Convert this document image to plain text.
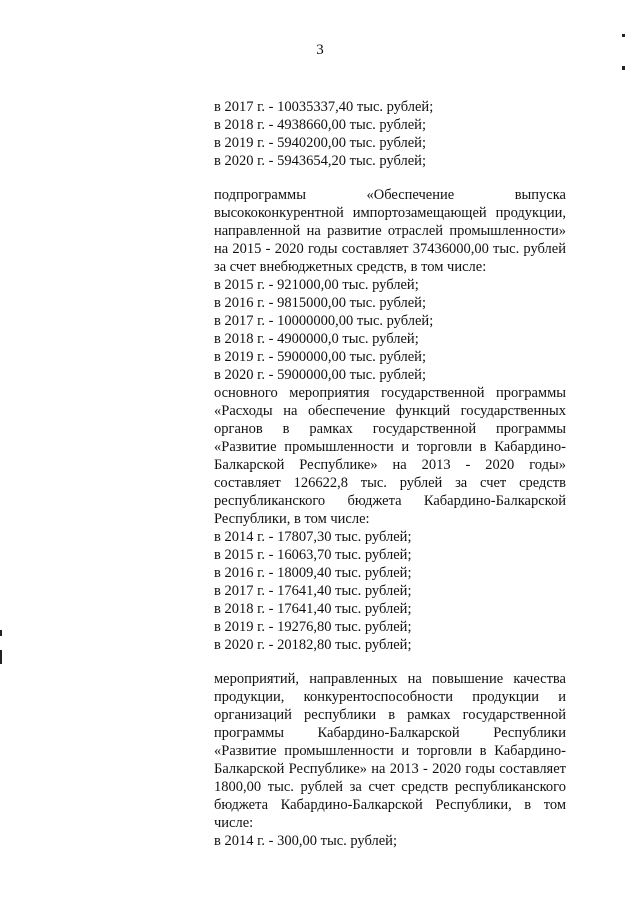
3
в 2017 г. - 10035337,40 тыс. рублей;
в 2018 г. - 4938660,00 тыс. рублей;
в 2019 г. - 5940200,00 тыс. рублей;
в 2020 г. - 5943654,20 тыс. рублей;
подпрограммы «Обеспечение выпуска высококонкурентной импортозамещающей продукции, направленной на развитие отраслей промышленности» на 2015 - 2020 годы составляет 37436000,00 тыс. рублей за счет внебюджетных средств, в том числе:
в 2015 г. - 921000,00 тыс. рублей;
в 2016 г. - 9815000,00 тыс. рублей;
в 2017 г. - 10000000,00 тыс. рублей;
в 2018 г. - 4900000,0 тыс. рублей;
в 2019 г. - 5900000,00 тыс. рублей;
в 2020 г. - 5900000,00 тыс. рублей;
основного мероприятия государственной программы «Расходы на обеспечение функций государственных органов в рамках государственной программы «Развитие промышленности и торговли в Кабардино-Балкарской Республике» на 2013 - 2020 годы» составляет 126622,8 тыс. рублей за счет средств республиканского бюджета Кабардино-Балкарской Республики, в том числе:
в 2014 г. - 17807,30 тыс. рублей;
в 2015 г. - 16063,70 тыс. рублей;
в 2016 г. - 18009,40 тыс. рублей;
в 2017 г. - 17641,40 тыс. рублей;
в 2018 г. - 17641,40 тыс. рублей;
в 2019 г. - 19276,80 тыс. рублей;
в 2020 г. - 20182,80 тыс. рублей;
мероприятий, направленных на повышение качества продукции, конкурентоспособности продукции и организаций республики в рамках государственной программы Кабардино-Балкарской Республики «Развитие промышленности и торговли в Кабардино-Балкарской Республике» на 2013 - 2020 годы составляет 1800,00 тыс. рублей за счет средств республиканского бюджета Кабардино-Балкарской Республики, в том числе:
в 2014 г. - 300,00 тыс. рублей;
